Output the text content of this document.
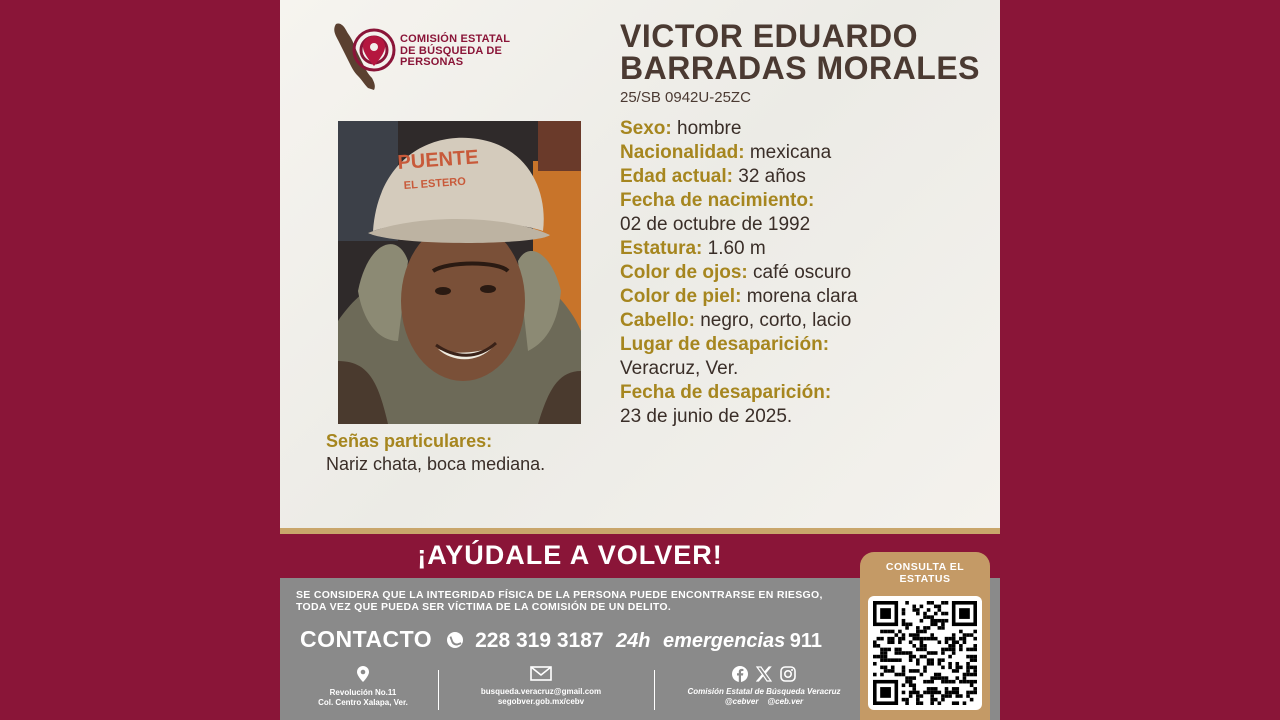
COMISIÓN ESTATAL
DE BÚSQUEDA DE
PERSONAS
VICTOR EDUARDO
BARRADAS MORALES
25/SB 0942U-25ZC
PUENTE
EL ESTERO
Sexo: hombre
Nacionalidad: mexicana
Edad actual: 32 años
Fecha de nacimiento:
02 de octubre de 1992
Estatura: 1.60 m
Color de ojos: café oscuro
Color de piel: morena clara
Cabello: negro, corto, lacio
Lugar de desaparición:
Veracruz, Ver.
Fecha de desaparición:
23 de junio de 2025.
Señas particulares:
Nariz chata, boca mediana.
¡AYÚDALE A VOLVER!
SE CONSIDERA QUE LA INTEGRIDAD FÍSICA DE LA PERSONA PUEDE ENCONTRARSE EN RIESGO,
TODA VEZ QUE PUEDA SER VÍCTIMA DE LA COMISIÓN DE UN DELITO.
CONTACTO 228 319 3187 24h emergencias 911
Revolución No.11
Col. Centro Xalapa, Ver.
busqueda.veracruz@gmail.com
segobver.gob.mx/cebv
Comisión Estatal de Búsqueda Veracruz
@cebver @ceb.ver
CONSULTA EL
ESTATUS
